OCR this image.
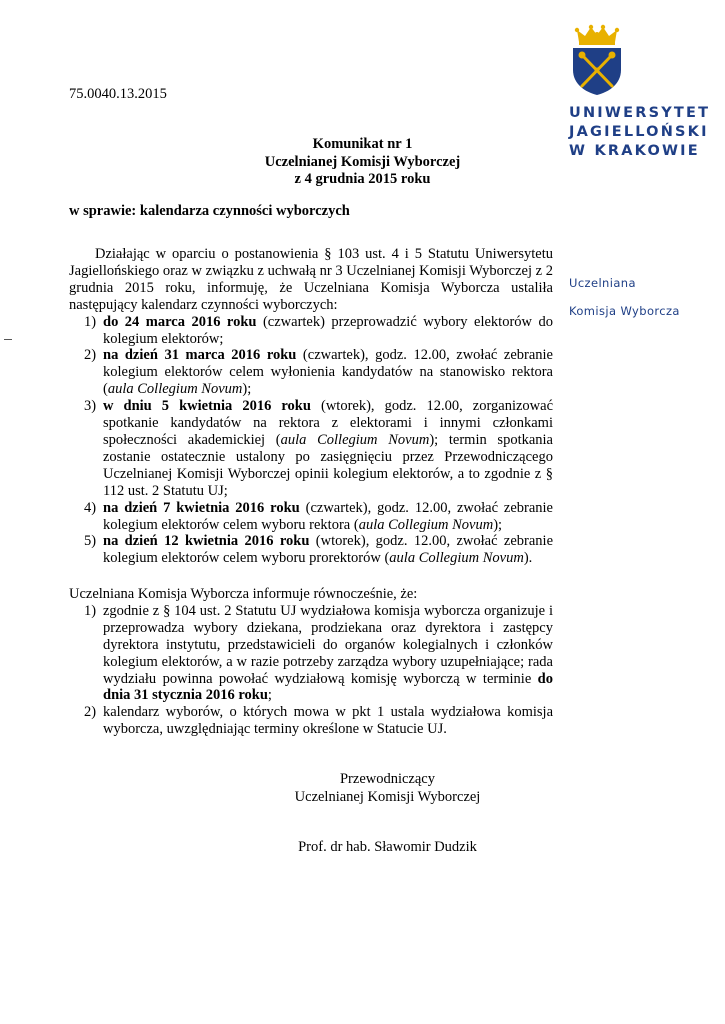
UNIWERSYTET
JAGIELLOŃSKI
W KRAKOWIE
Uczelniana
Komisja Wyborcza
75.0040.13.2015
Komunikat nr 1
Uczelnianej Komisji Wyborczej
z 4 grudnia 2015 roku
w sprawie: kalendarza czynności wyborczych

Działając w oparciu o postanowienia § 103 ust. 4 i 5 Statutu Uniwersytetu Jagiellońskiego oraz w związku z uchwałą nr 3 Uczelnianej Komisji Wyborczej z 2 grudnia 2015 roku, informuję, że Uczelniana Komisja Wyborcza ustaliła następujący kalendarz czynności wyborczych:

1) do 24 marca 2016 roku (czwartek) przeprowadzić wybory elektorów do kolegium elektorów;
2) na dzień 31 marca 2016 roku (czwartek), godz. 12.00, zwołać zebranie kolegium elektorów celem wyłonienia kandydatów na stanowisko rektora (aula Collegium Novum);
3) w dniu 5 kwietnia 2016 roku (wtorek), godz. 12.00, zorganizować spotkanie kandydatów na rektora z elektorami i innymi członkami społeczności akademickiej (aula Collegium Novum); termin spotkania zostanie ostatecznie ustalony po zasięgnięciu przez Przewodniczącego Uczelnianej Komisji Wyborczej opinii kolegium elektorów, a to zgodnie z § 112 ust. 2 Statutu UJ;
4) na dzień 7 kwietnia 2016 roku (czwartek), godz. 12.00, zwołać zebranie kolegium elektorów celem wyboru rektora (aula Collegium Novum);
5) na dzień 12 kwietnia 2016 roku (wtorek), godz. 12.00, zwołać zebranie kolegium elektorów celem wyboru prorektorów (aula Collegium Novum).

Uczelniana Komisja Wyborcza informuje równocześnie, że:

1) zgodnie z § 104 ust. 2 Statutu UJ wydziałowa komisja wyborcza organizuje i przeprowadza wybory dziekana, prodziekana oraz dyrektora i zastępcy dyrektora instytutu, przedstawicieli do organów kolegialnych i członków kolegium elektorów, a w razie potrzeby zarządza wybory uzupełniające; rada wydziału powinna powołać wydziałową komisję wyborczą w terminie do dnia 31 stycznia 2016 roku;
2) kalendarz wyborów, o których mowa w pkt 1 ustala wydziałowa komisja wyborcza, uwzględniając terminy określone w Statucie UJ.
Przewodniczący
Uczelnianej Komisji Wyborczej
Prof. dr hab. Sławomir Dudzik
